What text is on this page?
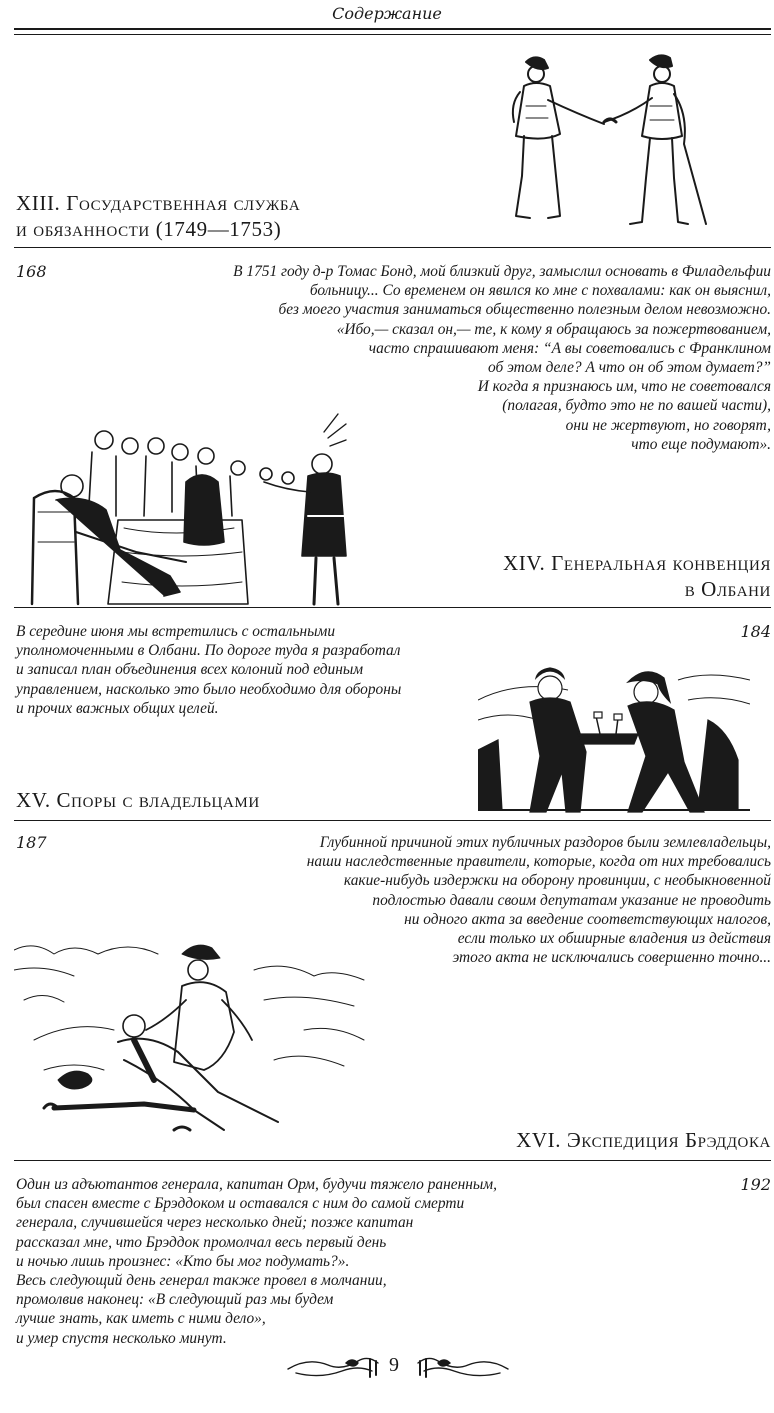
Содержание
XIII. Государственная служба
и обязанности (1749—1753)
168	В 1751 году д-р Томас Бонд, мой близкий друг, замыслил основать в Филадельфии
больницу... Со временем он явился ко мне с похвалами: как он выяснил,
без моего участия заниматься общественно полезным делом невозможно.
«Ибо,— сказал он,— те, к кому я обращаюсь за пожертвованием,
часто спрашивают меня: “А вы советовались с Франклином
об этом деле? А что он об этом думает?”
И когда я признаюсь им, что не советовался
(полагая, будто это не по вашей части),
они не жертвуют, но говорят,
что еще подумают».
XIV. Генеральная конвенция
в Олбани
184
В середине июня мы встретились с остальными
уполномоченными в Олбани. По дороге туда я разработал
и записал план объединения всех колоний под единым
управлением, насколько это было необходимо для обороны
и прочих важных общих целей.
XV. Споры с владельцами
187	Глубинной причиной этих публичных раздоров были землевладельцы,
наши наследственные правители, которые, когда от них требовались
какие-нибудь издержки на оборону провинции, с необыкновенной
подлостью давали своим депутатам указание не проводить
ни одного акта за введение соответствующих налогов,
если только их обширные владения из действия
этого акта не исключались совершенно точно...
XVI. Экспедиция Брэддока
192
Один из адъютантов генерала, капитан Орм, будучи тяжело раненным,
был спасен вместе с Брэддоком и оставался с ним до самой смерти
генерала, случившейся через несколько дней; позже капитан
рассказал мне, что Брэддок промолчал весь первый день
и ночью лишь произнес: «Кто бы мог подумать?».
Весь следующий день генерал также провел в молчании,
промолвив наконец: «В следующий раз мы будем
лучше знать, как иметь с ними дело»,
и умер спустя несколько минут.
9
